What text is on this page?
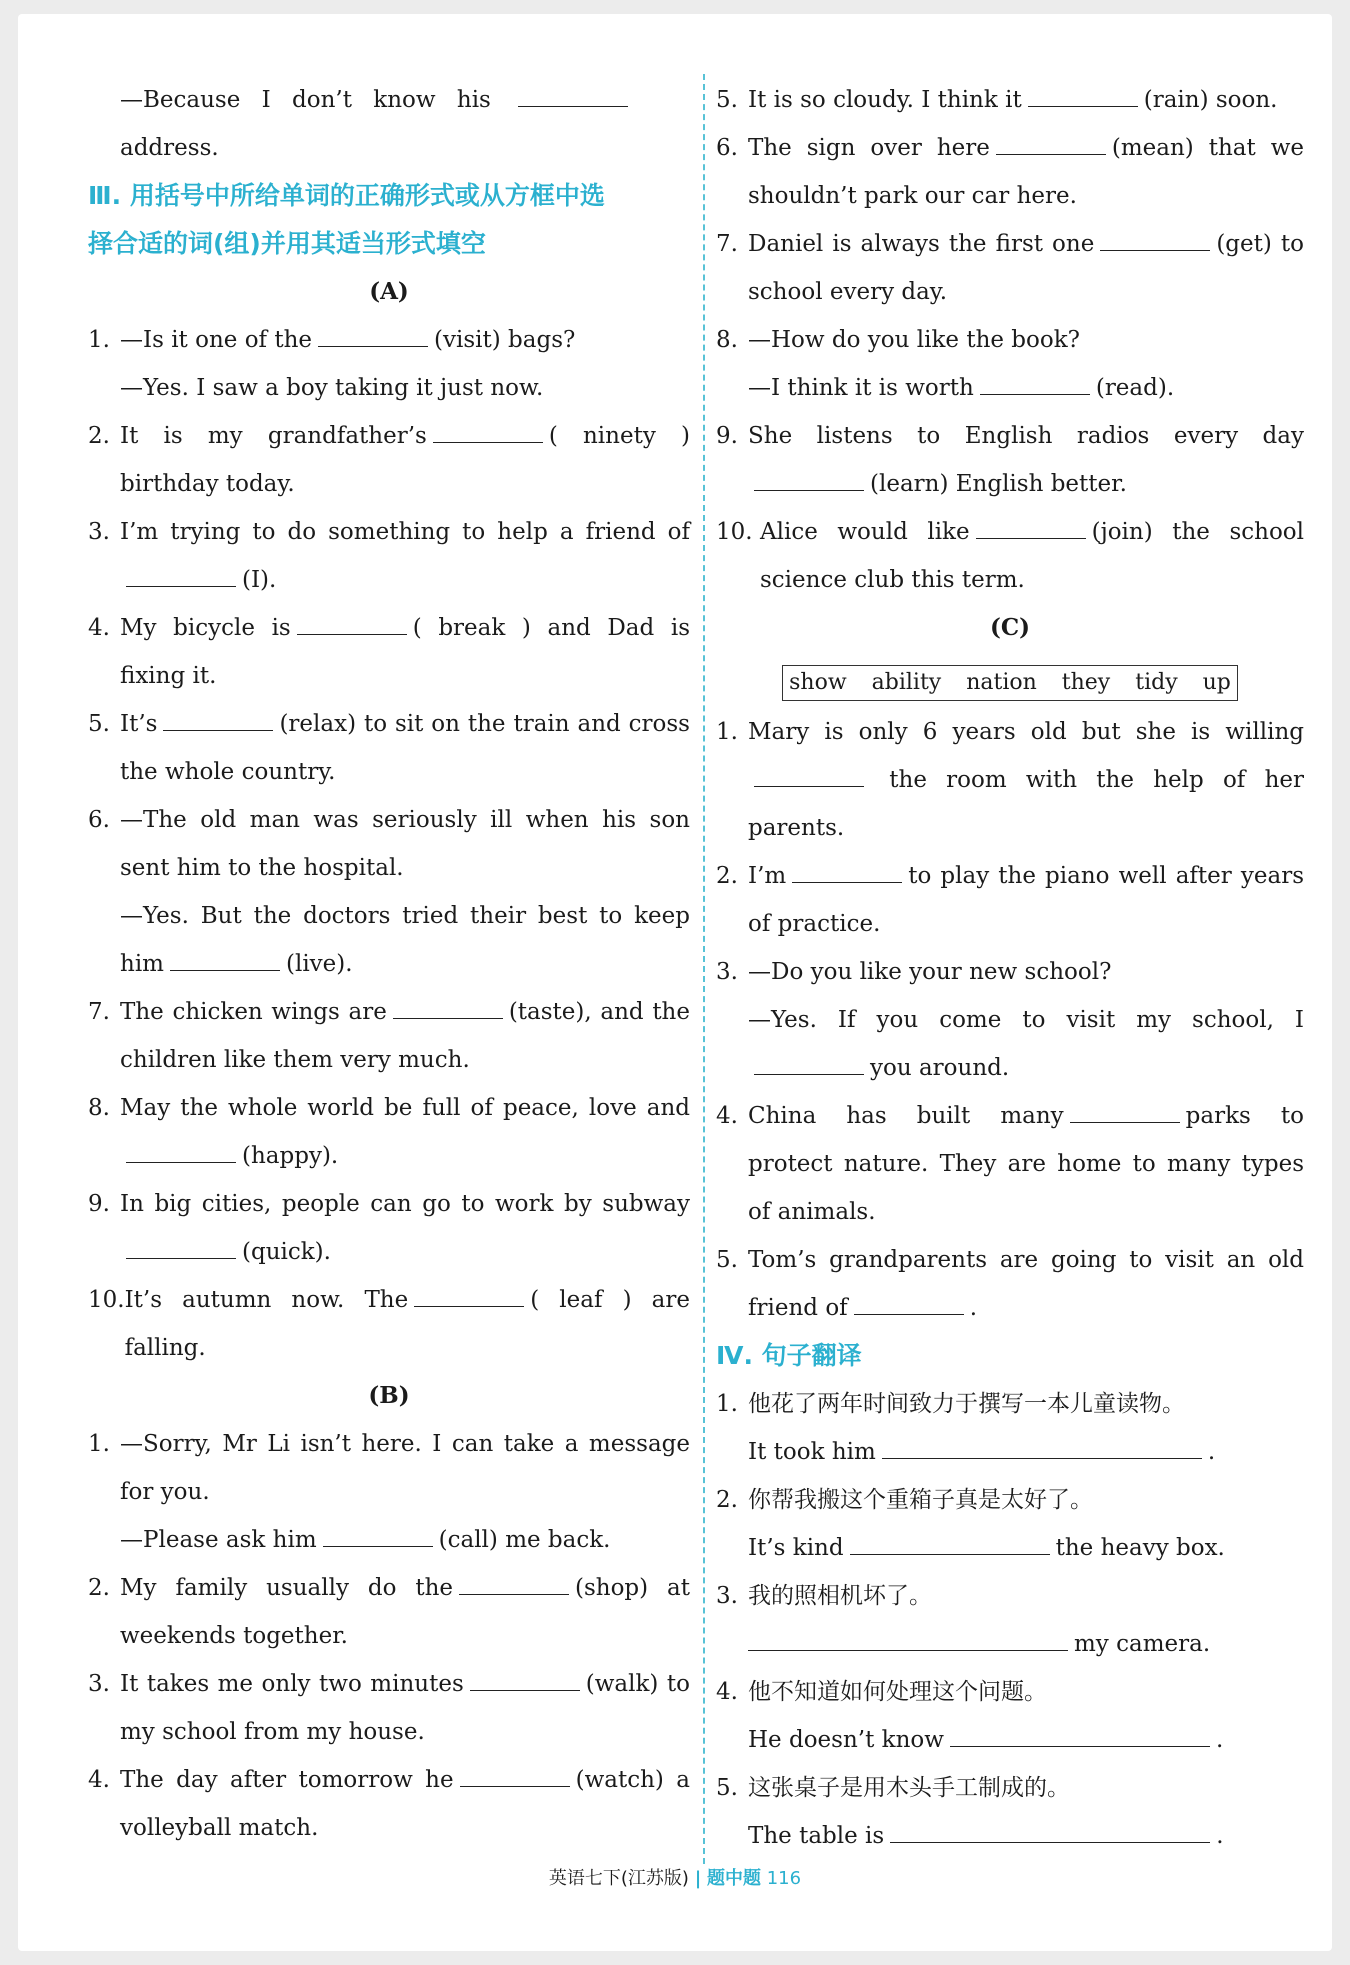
—Because I don’t know his
address.
Ⅲ. 用括号中所给单词的正确形式或从方框中选
择合适的词(组)并用其适当形式填空
(A)
1. —Is it one of the	(visit) bags?
—Yes. I saw a boy taking it just now.
2. It is my grandfather’s	( ninety ) birthday today.
3. I’m trying to do something to help a friend of (I).
4. My bicycle is	( break ) and Dad is fixing it.
5. It’s	(relax) to sit on the train and cross the whole country.
6. —The old man was seriously ill when his son sent him to the hospital.
—Yes. But the doctors tried their best to keep him	(live).
7. The chicken wings are	(taste), and the children like them very much.
8. May the whole world be full of peace, love and(happy).
9. In big cities, people can go to work by subway(quick).
10. It’s autumn now. The	( leaf ) are falling.
(B)
1. —Sorry, Mr Li isn’t here. I can take a message for you.
—Please ask him	(call) me back.
2. My family usually do the	(shop) at weekends together.
3. It takes me only two minutes	(walk) to my school from my house.
4. The day after tomorrow he	(watch) a volleyball match.
5. It is so cloudy. I think it	(rain) soon.
6. The sign over here	(mean) that we shouldn’t park our car here.
7. Daniel is always the first one	(get) to school every day.
8. —How do you like the book?
—I think it is worth	(read).
9. She listens to English radios every day (learn) English better.
10. Alice would like	(join) the school science club this term.
(C)
show ability nation they tidy up
1. Mary is only 6 years old but she is willing  the room with the help of her parents.
2. I’m	to play the piano well after years of practice.
3. —Do you like your new school?
—Yes. If you come to visit my school, I you around.
4. China has built many	parks to protect nature. They are home to many types of animals.
5. Tom’s grandparents are going to visit an old friend of	.
Ⅳ. 句子翻译
1. 他花了两年时间致力于撰写一本儿童读物。
It took him	.
2. 你帮我搬这个重箱子真是太好了。
It’s kind	the heavy box.
3. 我的照相机坏了。
my camera.
4. 他不知道如何处理这个问题。
He doesn’t know	.
5. 这张桌子是用木头手工制成的。
The table is	.
英语七下(江苏版) | 题中题 116
